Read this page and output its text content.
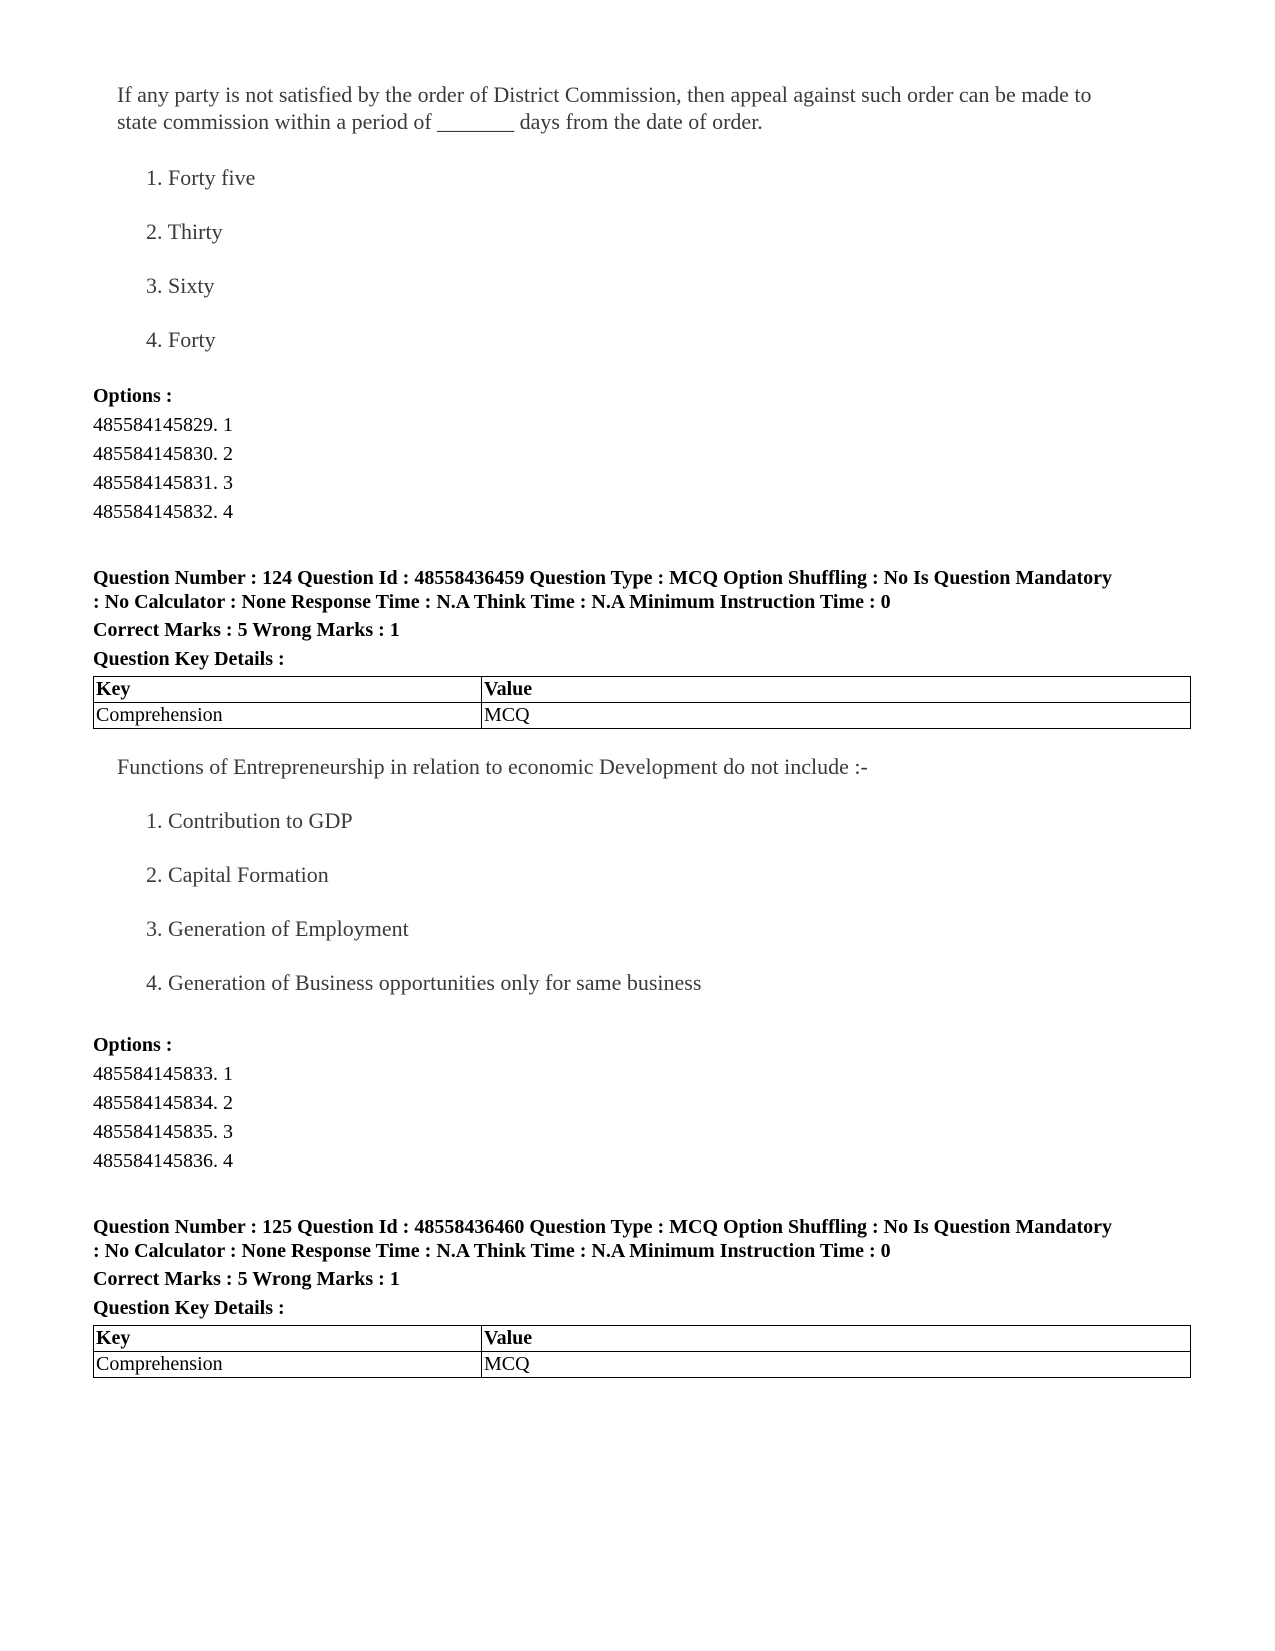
If any party is not satisfied by the order of District Commission, then appeal against such order can be made to
state commission within a period of _______ days from the date of order.
1. Forty five
2. Thirty
3. Sixty
4. Forty
Options :
485584145829. 1
485584145830. 2
485584145831. 3
485584145832. 4
Question Number : 124 Question Id : 48558436459 Question Type : MCQ Option Shuffling : No Is Question Mandatory
: No Calculator : None Response Time : N.A Think Time : N.A Minimum Instruction Time : 0
Correct Marks : 5 Wrong Marks : 1
Question Key Details :
Key	Value
Comprehension	MCQ
Functions of Entrepreneurship in relation to economic Development do not include :-
1. Contribution to GDP
2. Capital Formation
3. Generation of Employment
4. Generation of Business opportunities only for same business
Options :
485584145833. 1
485584145834. 2
485584145835. 3
485584145836. 4
Question Number : 125 Question Id : 48558436460 Question Type : MCQ Option Shuffling : No Is Question Mandatory
: No Calculator : None Response Time : N.A Think Time : N.A Minimum Instruction Time : 0
Correct Marks : 5 Wrong Marks : 1
Question Key Details :
Key	Value
Comprehension	MCQ
